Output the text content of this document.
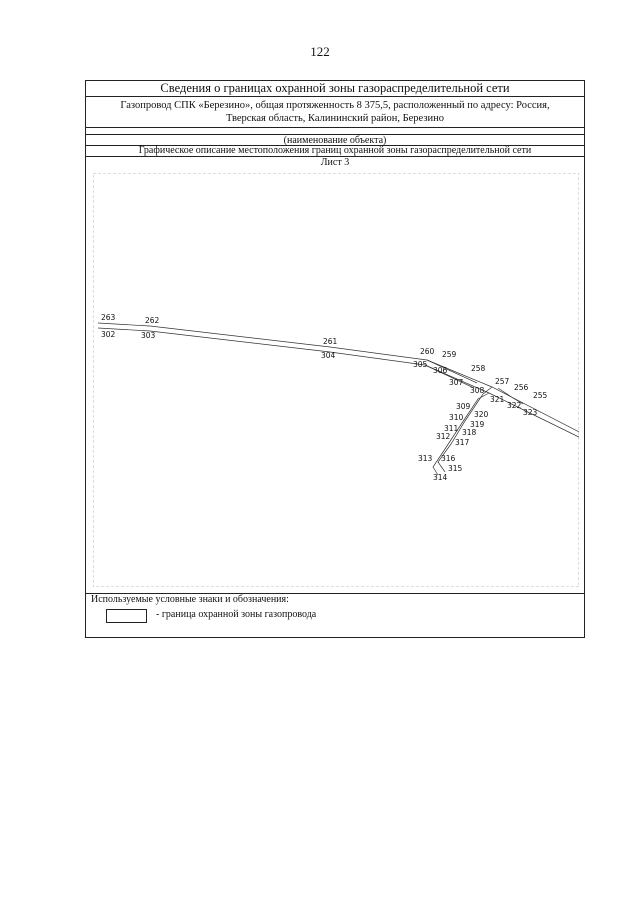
122
Сведения о границах охранной зоны газораспределительной сети
Газопровод СПК «Березино», общая протяженность 8 375,5, расположенный по адресу: Россия,
Тверская область, Калининский район, Березино
(наименование объекта)
Графическое описание местоположения границ охранной зоны газораспределительной сети
Лист 3
263
302
262
303
261
304	260 259
305
306	258
307	257
308
321
256
255
322
323
309
310 320
319
311 318
312
317
313 316
315
314
Используемые условные знаки и обозначения:
- граница охранной зоны газопровода
